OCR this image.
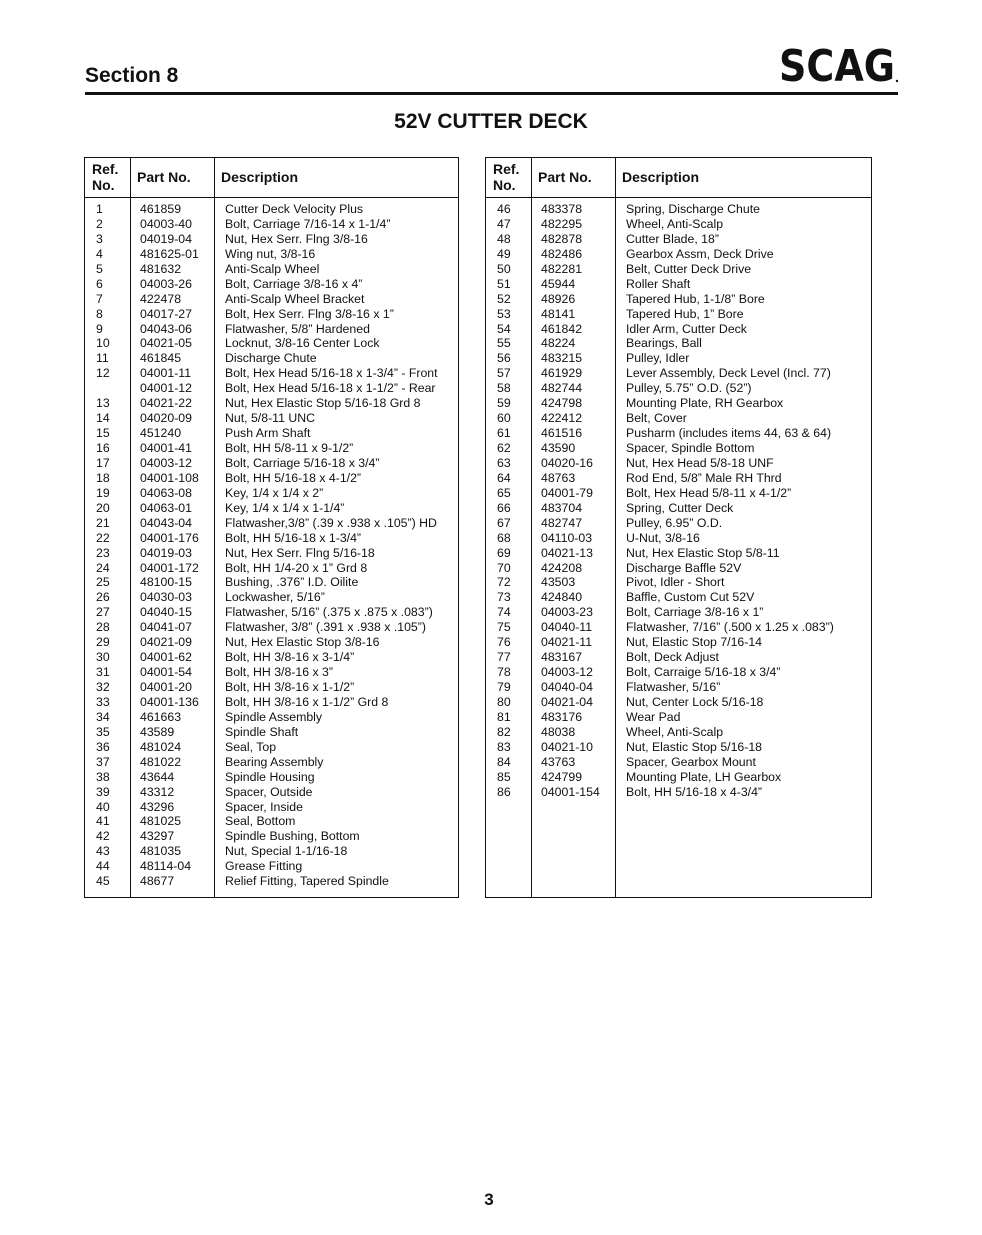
Section 8	SCAG
52V CUTTER DECK
Ref. No.	Part No. Description
1	461859	Cutter Deck Velocity Plus
2	04003-40	Bolt, Carriage 7/16-14 x 1-1/4”
3	04019-04	Nut, Hex Serr. Flng 3/8-16
4	481625-01 Wing nut, 3/8-16
5	481632	Anti-Scalp Wheel
6	04003-26	Bolt, Carriage 3/8-16 x 4”
7	422478	Anti-Scalp Wheel Bracket
8	04017-27	Bolt, Hex Serr. Flng 3/8-16 x 1”
9	04043-06	Flatwasher, 5/8” Hardened
10 04021-05	Locknut, 3/8-16 Center Lock
11	461845	Discharge Chute
12 04001-11	Bolt, Hex Head 5/16-18 x 1-3/4” - Front
04001-12	Bolt, Hex Head 5/16-18 x 1-1/2” - Rear
13 04021-22	Nut, Hex Elastic Stop 5/16-18 Grd 8
14 04020-09	Nut, 5/8-11 UNC
15 451240	Push Arm Shaft
16 04001-41	Bolt, HH 5/8-11 x 9-1/2”
17 04003-12	Bolt, Carriage 5/16-18 x 3/4”
18 04001-108 Bolt, HH 5/16-18 x 4-1/2”
19 04063-08	Key, 1/4 x 1/4 x 2”
20 04063-01	Key, 1/4 x 1/4 x 1-1/4”
21 04043-04	Flatwasher,3/8” (.39 x .938 x .105”) HD
22 04001-176 Bolt, HH 5/16-18 x 1-3/4”
23 04019-03	Nut, Hex Serr. Flng 5/16-18
24 04001-172 Bolt, HH 1/4-20 x 1” Grd 8
25 48100-15	Bushing, .376” I.D. Oilite
26 04030-03	Lockwasher, 5/16”
27 04040-15	Flatwasher, 5/16” (.375 x .875 x .083”)
28 04041-07	Flatwasher, 3/8” (.391 x .938 x .105”)
29 04021-09	Nut, Hex Elastic Stop 3/8-16
30 04001-62	Bolt, HH 3/8-16 x 3-1/4”
31 04001-54	Bolt, HH 3/8-16 x 3”
32 04001-20	Bolt, HH 3/8-16 x 1-1/2”
33 04001-136 Bolt, HH 3/8-16 x 1-1/2” Grd 8
34 461663	Spindle Assembly
35 43589	Spindle Shaft
36 481024	Seal, Top
37 481022	Bearing Assembly
38 43644	Spindle Housing
39 43312	Spacer, Outside
40 43296	Spacer, Inside
41 481025	Seal, Bottom
42 43297	Spindle Bushing, Bottom
43 481035	Nut, Special 1-1/16-18
44 48114-04	Grease Fitting
45 48677	Relief Fitting, Tapered Spindle
Ref. No.	Part No. Description
46 483378	Spring, Discharge Chute
47 482295	Wheel, Anti-Scalp
48 482878	Cutter Blade, 18”
49 482486	Gearbox Assm, Deck Drive
50 482281	Belt, Cutter Deck Drive
51 45944	Roller Shaft
52 48926	Tapered Hub, 1-1/8” Bore
53 48141	Tapered Hub, 1” Bore
54 461842	Idler Arm, Cutter Deck
55 48224	Bearings, Ball
56 483215	Pulley, Idler
57 461929	Lever Assembly, Deck Level (Incl. 77)
58 482744	Pulley, 5.75” O.D. (52”)
59 424798	Mounting Plate, RH Gearbox
60 422412	Belt, Cover
61 461516	Pusharm (includes items 44, 63 & 64)
62 43590	Spacer, Spindle Bottom
63 04020-16	Nut, Hex Head 5/8-18 UNF
64 48763	Rod End, 5/8” Male RH Thrd
65 04001-79	Bolt, Hex Head 5/8-11 x 4-1/2”
66 483704	Spring, Cutter Deck
67 482747	Pulley, 6.95” O.D.
68 04110-03	U-Nut, 3/8-16
69 04021-13	Nut, Hex Elastic Stop 5/8-11
70 424208	Discharge Baffle 52V
72 43503	Pivot, Idler - Short
73 424840	Baffle, Custom Cut 52V
74 04003-23	Bolt, Carriage 3/8-16 x 1”
75 04040-11	Flatwasher, 7/16” (.500 x 1.25 x .083”)
76 04021-11	Nut, Elastic Stop 7/16-14
77 483167	Bolt, Deck Adjust
78 04003-12	Bolt, Carraige 5/16-18 x 3/4”
79 04040-04	Flatwasher, 5/16”
80 04021-04	Nut, Center Lock 5/16-18
81 483176	Wear Pad
82 48038	Wheel, Anti-Scalp
83 04021-10	Nut, Elastic Stop 5/16-18
84 43763	Spacer, Gearbox Mount
85 424799	Mounting Plate, LH Gearbox
86 04001-154 Bolt, HH 5/16-18 x 4-3/4”
3
